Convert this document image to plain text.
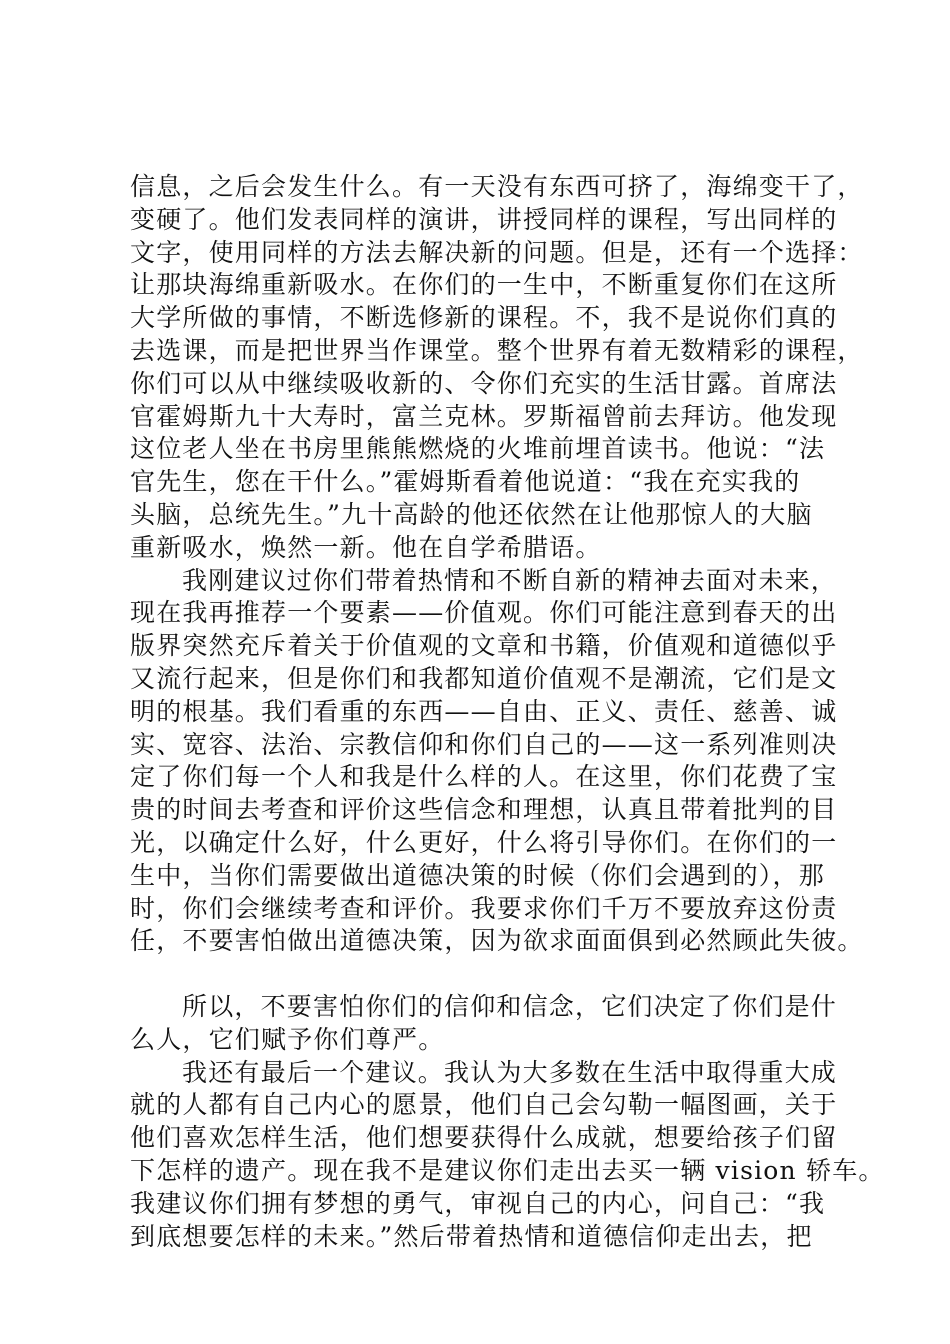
信息，之后会发生什么。有一天没有东西可挤了，海绵变干了，
变硬了。他们发表同样的演讲，讲授同样的课程，写出同样的
文字，使用同样的方法去解决新的问题。但是，还有一个选择：
让那块海绵重新吸水。在你们的一生中，不断重复你们在这所
大学所做的事情，不断选修新的课程。不，我不是说你们真的
去选课，而是把世界当作课堂。整个世界有着无数精彩的课程，
你们可以从中继续吸收新的、令你们充实的生活甘露。首席法
官霍姆斯九十大寿时，富兰克林。罗斯福曾前去拜访。他发现
这位老人坐在书房里熊熊燃烧的火堆前埋首读书。他说：“法
官先生，您在干什么。”霍姆斯看着他说道：“我在充实我的
头脑，总统先生。”九十高龄的他还依然在让他那惊人的大脑
重新吸水，焕然一新。他在自学希腊语。
我刚建议过你们带着热情和不断自新的精神去面对未来，
现在我再推荐一个要素——价值观。你们可能注意到春天的出
版界突然充斥着关于价值观的文章和书籍，价值观和道德似乎
又流行起来，但是你们和我都知道价值观不是潮流，它们是文
明的根基。我们看重的东西——自由、正义、责任、慈善、诚
实、宽容、法治、宗教信仰和你们自己的——这一系列准则决
定了你们每一个人和我是什么样的人。在这里，你们花费了宝
贵的时间去考查和评价这些信念和理想，认真且带着批判的目
光，以确定什么好，什么更好，什么将引导你们。在你们的一
生中，当你们需要做出道德决策的时候（你们会遇到的），那
时，你们会继续考查和评价。我要求你们千万不要放弃这份责
任，不要害怕做出道德决策，因为欲求面面俱到必然顾此失彼。
所以，不要害怕你们的信仰和信念，它们决定了你们是什
么人，它们赋予你们尊严。
我还有最后一个建议。我认为大多数在生活中取得重大成
就的人都有自己内心的愿景，他们自己会勾勒一幅图画，关于
他们喜欢怎样生活，他们想要获得什么成就，想要给孩子们留
下怎样的遗产。现在我不是建议你们走出去买一辆 vision 轿车。
我建议你们拥有梦想的勇气，审视自己的内心，问自己：“我
到底想要怎样的未来。”然后带着热情和道德信仰走出去，把
